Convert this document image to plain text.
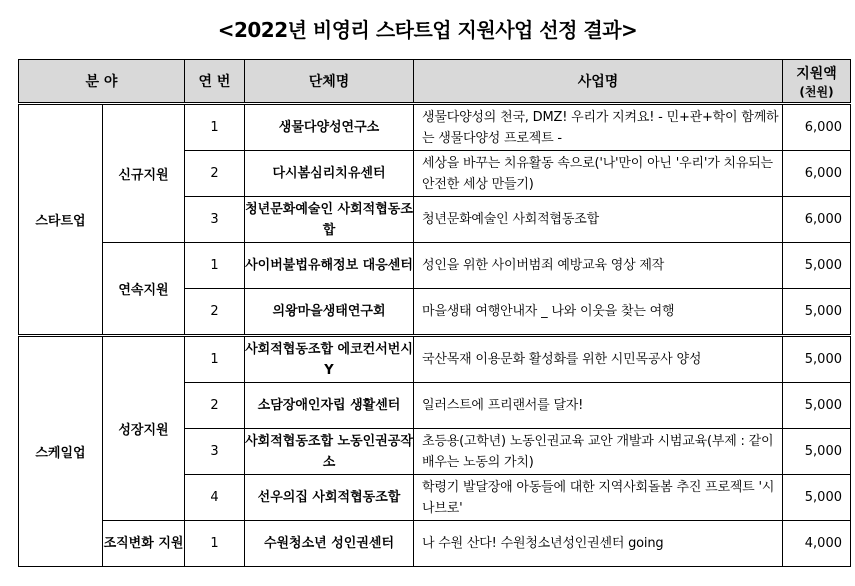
<2022년 비영리 스타트업 지원사업 선정 결과>
분 야		연 번	단체명	사업명	지원액
(천원)

스타트업	신규지원	1	생물다양성연구소	생물다양성의 천국, DMZ! 우리가 지켜요! - 민+관+학이 함께하는 생물다양성 프로젝트 -	6,000
		2	다시봄심리치유센터	세상을 바꾸는 치유활동 속으로('나'만이 아닌 '우리'가 치유되는 안전한 세상 만들기)	6,000
		3	청년문화예술인 사회적협동조합	청년문화예술인 사회적협동조합	6,000
	연속지원	1	사이버불법유해정보 대응센터	성인을 위한 사이버범죄 예방교육 영상 제작	5,000
		2	의왕마을생태연구회	마을생태 여행안내자 _ 나와 이웃을 찾는 여행	5,000
스케일업	성장지원	1	사회적협동조합 에코컨서번시Y	국산목재 이용문화 활성화를 위한 시민목공사 양성	5,000
		2	소담장애인자립 생활센터	일러스트에 프리랜서를 달자!	5,000
		3	사회적협동조합 노동인권공작소	초등용(고학년) 노동인권교육 교안 개발과 시범교육(부제 : 같이 배우는 노동의 가치)	5,000
		4	선우의집 사회적협동조합	학령기 발달장애 아동들에 대한 지역사회돌봄 추진 프로젝트 '시나브로'	5,000
	조직변화 지원	1	수원청소년 성인권센터	나 수원 산다! 수원청소년성인권센터 going	4,000
